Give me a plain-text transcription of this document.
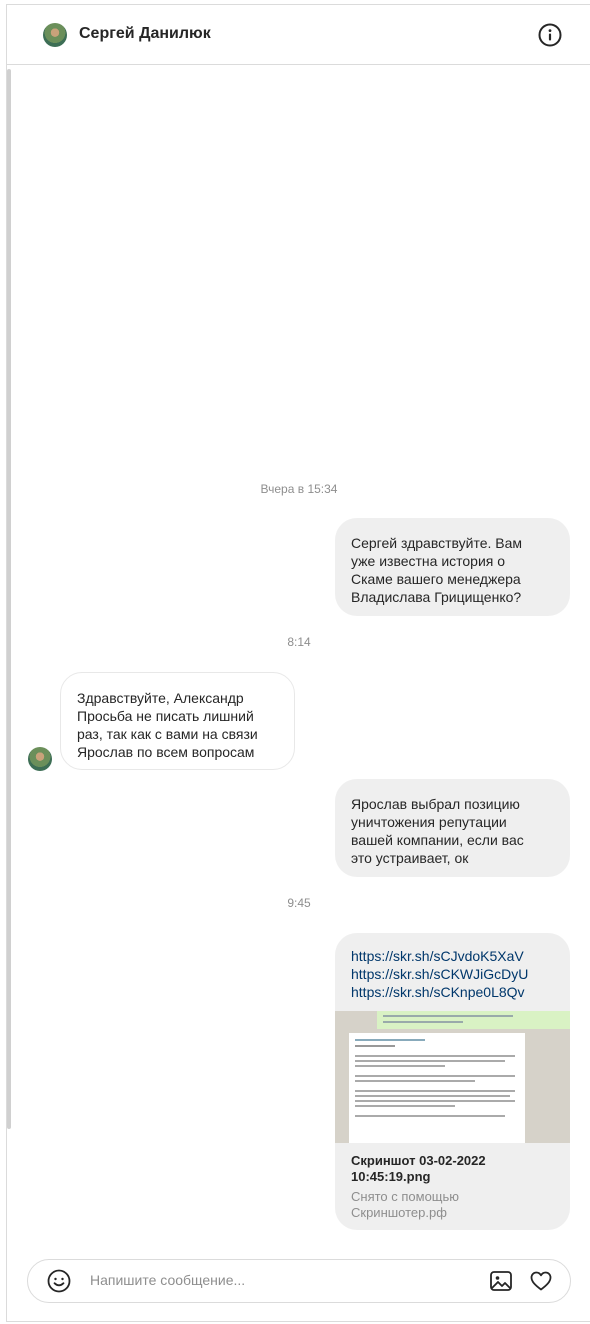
Сергей Данилюк
Вчера в 15:34
Сергей здравствуйте. Вам
уже известна история о
Скаме вашего менеджера
Владислава Грицищенко?
8:14
Здравствуйте, Александр
Просьба не писать лишний
раз, так как с вами на связи
Ярослав по всем вопросам
Ярослав выбрал позицию
уничтожения репутации
вашей компании, если вас
это устраивает, ок
9:45
https://skr.sh/sCJvdoK5XaV
https://skr.sh/sCKWJiGcDyU
https://skr.sh/sCKnpe0L8Qv
Скриншот 03-02-2022
10:45:19.png
Снято с помощью
Скриншотер.рф
Напишите сообщение...
